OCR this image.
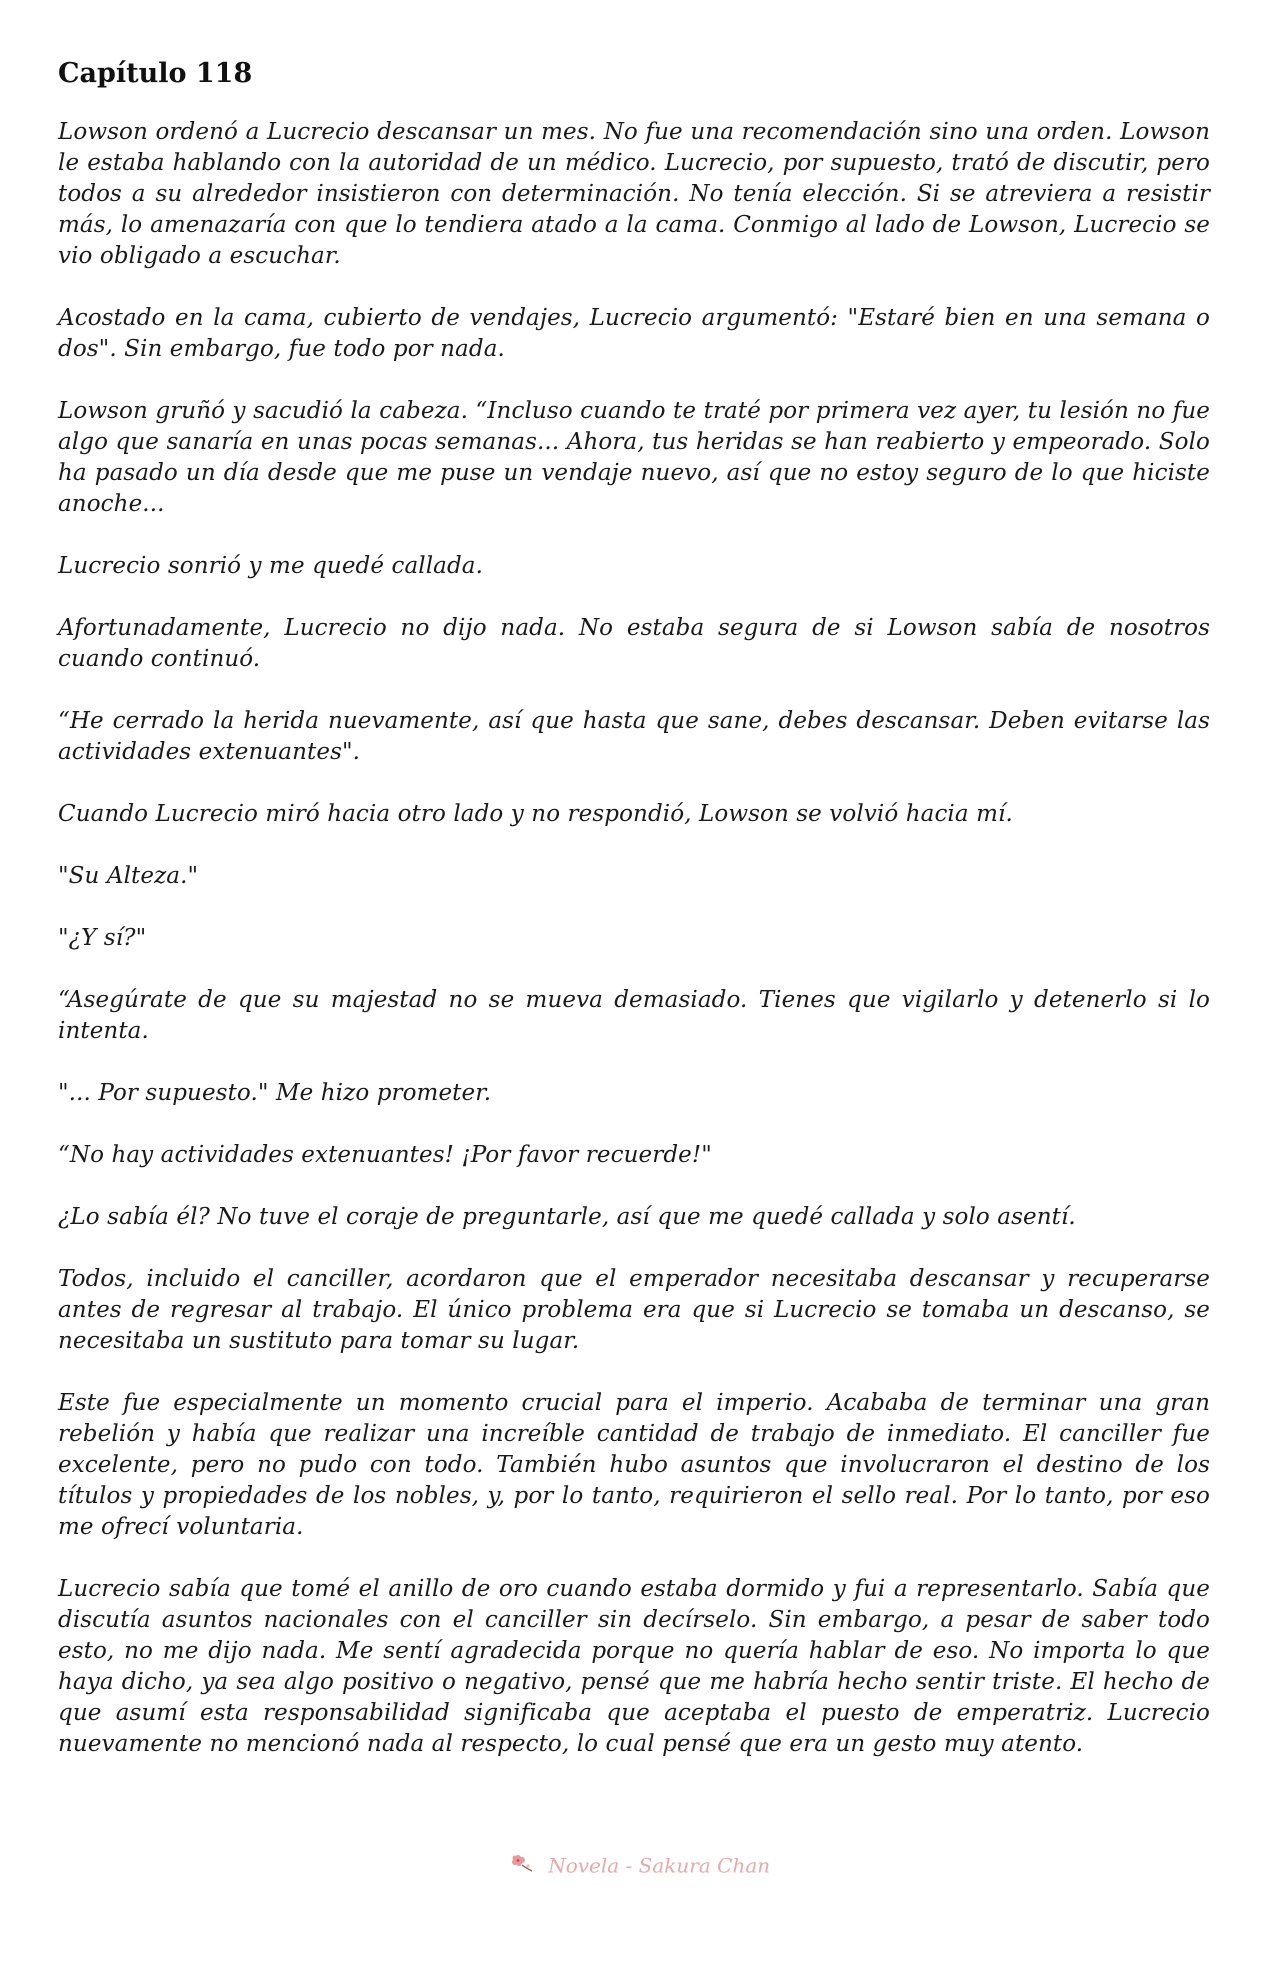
Capítulo 118

Lowson ordenó a Lucrecio descansar un mes. No fue una recomendación sino una orden. Lowson le estaba hablando con la autoridad de un médico. Lucrecio, por supuesto, trató de discutir, pero todos a su alrededor insistieron con determinación. No tenía elección. Si se atreviera a resistir más, lo amenazaría con que lo tendiera atado a la cama. Conmigo al lado de Lowson, Lucrecio se vio obligado a escuchar.

Acostado en la cama, cubierto de vendajes, Lucrecio argumentó: "Estaré bien en una semana o dos". Sin embargo, fue todo por nada.

Lowson gruñó y sacudió la cabeza. “Incluso cuando te traté por primera vez ayer, tu lesión no fue algo que sanaría en unas pocas semanas... Ahora, tus heridas se han reabierto y empeorado. Solo ha pasado un día desde que me puse un vendaje nuevo, así que no estoy seguro de lo que hiciste anoche...

Lucrecio sonrió y me quedé callada.

Afortunadamente, Lucrecio no dijo nada. No estaba segura de si Lowson sabía de nosotros cuando continuó.

“He cerrado la herida nuevamente, así que hasta que sane, debes descansar. Deben evitarse las actividades extenuantes".

Cuando Lucrecio miró hacia otro lado y no respondió, Lowson se volvió hacia mí.

"Su Alteza."

"¿Y sí?"

“Asegúrate de que su majestad no se mueva demasiado. Tienes que vigilarlo y detenerlo si lo intenta.

"... Por supuesto." Me hizo prometer.

“No hay actividades extenuantes! ¡Por favor recuerde!"

¿Lo sabía él? No tuve el coraje de preguntarle, así que me quedé callada y solo asentí.

Todos, incluido el canciller, acordaron que el emperador necesitaba descansar y recuperarse antes de regresar al trabajo. El único problema era que si Lucrecio se tomaba un descanso, se necesitaba un sustituto para tomar su lugar.

Este fue especialmente un momento crucial para el imperio. Acababa de terminar una gran rebelión y había que realizar una increíble cantidad de trabajo de inmediato. El canciller fue excelente, pero no pudo con todo. También hubo asuntos que involucraron el destino de los títulos y propiedades de los nobles, y, por lo tanto, requirieron el sello real. Por lo tanto, por eso me ofrecí voluntaria.

Lucrecio sabía que tomé el anillo de oro cuando estaba dormido y fui a representarlo. Sabía que discutía asuntos nacionales con el canciller sin decírselo. Sin embargo, a pesar de saber todo esto, no me dijo nada. Me sentí agradecida porque no quería hablar de eso. No importa lo que haya dicho, ya sea algo positivo o negativo, pensé que me habría hecho sentir triste. El hecho de que asumí esta responsabilidad significaba que aceptaba el puesto de emperatriz. Lucrecio nuevamente no mencionó nada al respecto, lo cual pensé que era un gesto muy atento.

Novela - Sakura Chan
